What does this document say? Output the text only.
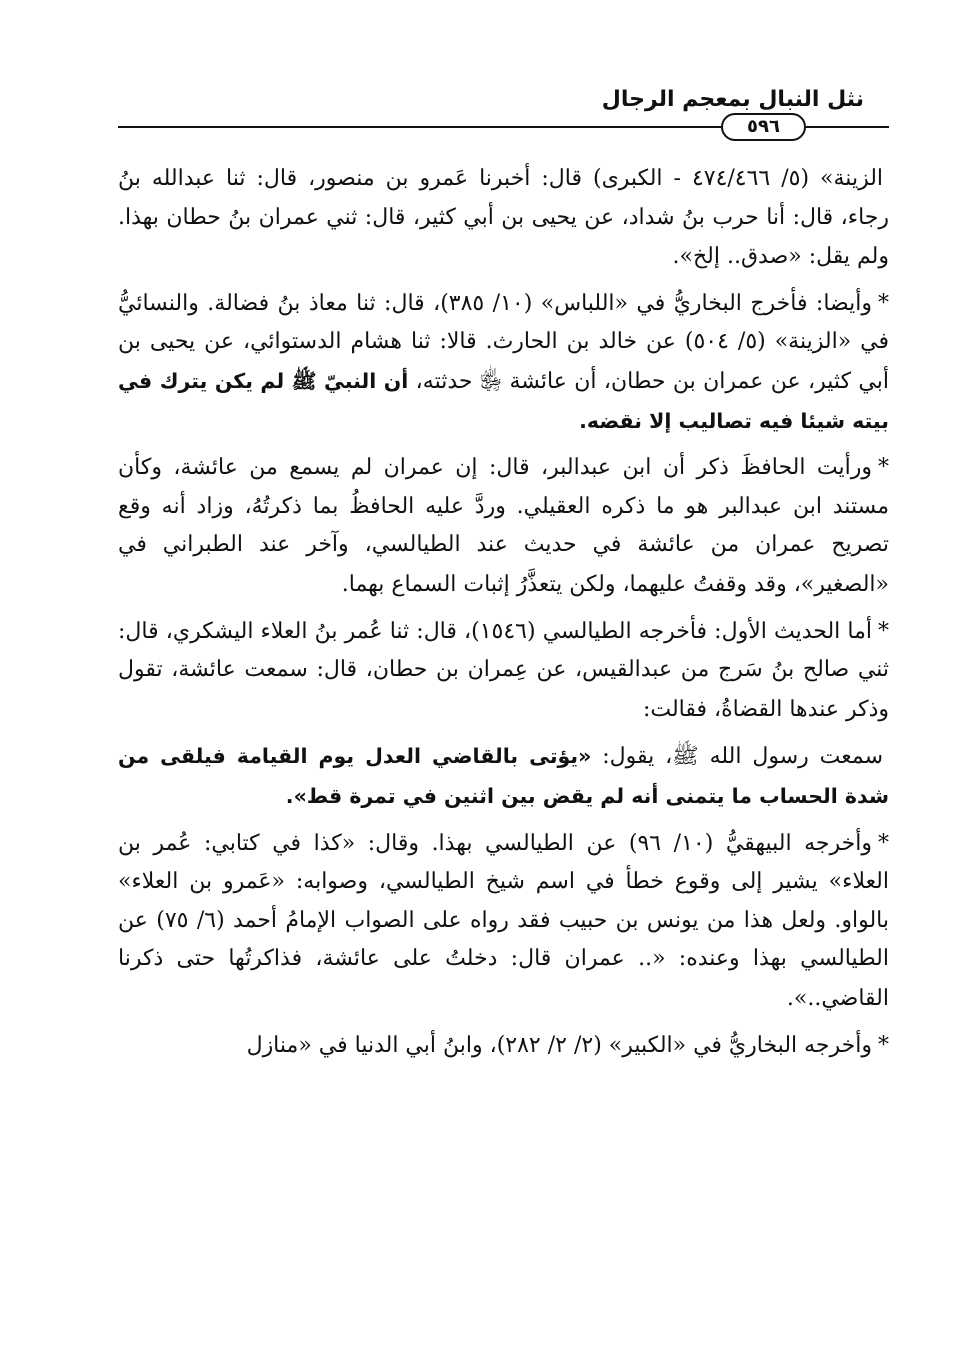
نثل النبال بمعجم الرجال
٥٩٦

الزينة» (٥/ ٤٧٤/٤٦٦ - الكبرى) قال: أخبرنا عَمرو بن منصور، قال: ثنا عبدالله بنُ رجاء، قال: أنا حرب بنُ شداد، عن يحيى بن أبي كثير، قال: ثني عمران بنُ حطان بهذا. ولم يقل: «صدق.. إلخ».

*وأيضا: فأخرج البخاريُّ في «اللباس» (١٠/ ٣٨٥)، قال: ثنا معاذ بنُ فضالة. والنسائيُّ في «الزينة» (٥/ ٥٠٤) عن خالد بن الحارث. قالا: ثنا هشام الدستوائي، عن يحيى بن أبي كثير، عن عمران بن حطان، أن عائشة ﵂ حدثته، أن النبيّ ﷺ لم يكن يترك في بيته شيئا فيه تصاليب إلا نقضه.

*ورأيت الحافظَ ذكر أن ابن عبدالبر، قال: إن عمران لم يسمع من عائشة، وكأن مستند ابن عبدالبر هو ما ذكره العقيلي. وردَّ عليه الحافظُ بما ذكرتُهُ، وزاد أنه وقع تصريح عمران من عائشة في حديث عند الطيالسي، وآخر عند الطبراني في «الصغير»، وقد وقفتُ عليهما، ولكن يتعذَّرُ إثبات السماع بهما.

*أما الحديث الأول: فأخرجه الطيالسي (١٥٤٦)، قال: ثنا عُمر بنُ العلاء اليشكري، قال: ثني صالح بنُ سَرج من عبدالقيس، عن عِمران بن حطان، قال: سمعت عائشة، تقول وذكر عندها القضاةُ، فقالت:

سمعت رسول الله ﷺ، يقول: «يؤتى بالقاضي العدل يوم القيامة فيلقى من شدة الحساب ما يتمنى أنه لم يقض بين اثنين في تمرة قط».

*وأخرجه البيهقيُّ (١٠/ ٩٦) عن الطيالسي بهذا. وقال: «كذا في كتابي: عُمر بن العلاء» يشير إلى وقوع خطأ في اسم شيخ الطيالسي، وصوابه: «عَمرو بن العلاء» بالواو. ولعل هذا من يونس بن حبيب فقد رواه على الصواب الإمامُ أحمد (٦/ ٧٥) عن الطيالسي بهذا وعنده: «.. عمران قال: دخلتُ على عائشة، فذاكرتُها حتى ذكرنا القاضي..».

*وأخرجه البخاريُّ في «الكبير» (٢/ ٢/ ٢٨٢)، وابنُ أبي الدنيا في «منازل
